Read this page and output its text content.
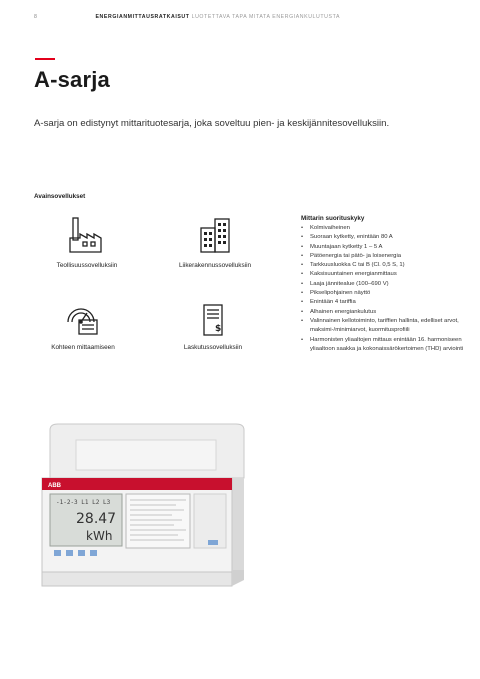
8	ENERGIANMITTAUSRATKAISUT LUOTETTAVA TAPA MITATA ENERGIANKULUTUSTA
A-sarja
A-sarja on edistynyt mittarituotesarja, joka soveltuu pien- ja keskijännitesovelluksiin.
Avainsovellukset
Teollisuussovelluksiin	Liikerakennussovelluksiin
Kohteen mittaamiseen
$
Laskutussovelluksiin
Mittarin suorituskyky
• Kolmivaiheinen
• Suoraan kytketty, enintään 80 A
• Muuntajaan kytketty 1 – 5 A
• Pätöenergia tai pätö- ja loisenergia
• Tarkkuusluokka C tai B (Cl. 0,5 S, 1)
• Kaksisuuntainen energianmittaus
• Laaja jännitealue (100–690 V)
• Pikselipohjainen näyttö
• Enintään 4 tariffia
• Alhainen energiankulutus
• Valinnainen kellotoiminto, tariffien hallinta, edelliset arvot, maksimi-/minimiarvot, kuormitusprofiili
• Harmonisten yliaaltojen mittaus enintään 16. harmoniseen yliaaltoon saakka ja kokonaissärökertoimen (THD) arviointi
ABB
-1-2-3 L1 L2 L3
28.47
kWh
